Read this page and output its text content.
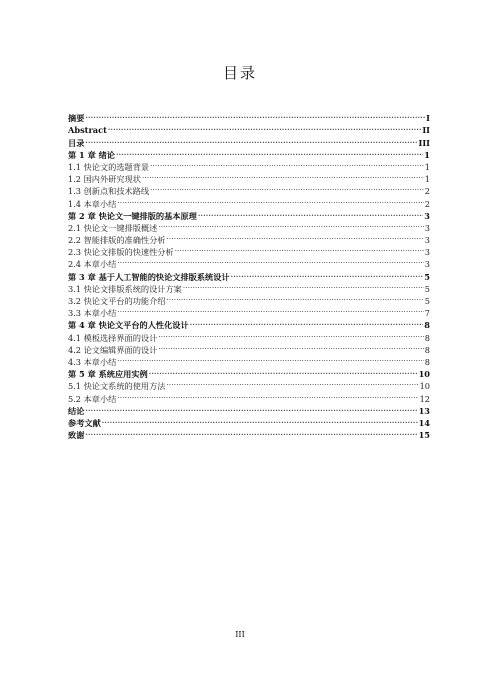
目录
摘要 .....	I
Abstract .....	II
目录 .....	III
第 1 章 绪论 .....	1
1.1 快论文的选题背景 .....	1
1.2 国内外研究现状 .....	1
1.3 创新点和技术路线 .....	2
1.4 本章小结 .....	2
第 2 章 快论文一键排版的基本原理 .....	3
2.1 快论文一键排版概述 .....	3
2.2 智能排版的准确性分析 .....	3
2.3 快论文排版的快速性分析 .....	3
2.4 本章小结 .....	3
第 3 章 基于人工智能的快论文排版系统设计 .....	5
3.1 快论文排版系统的设计方案 .....	5
3.2 快论文平台的功能介绍 .....	5
3.3 本章小结 .....	7
第 4 章 快论文平台的人性化设计 .....	8
4.1 模板选择界面的设计 .....	8
4.2 论文编辑界面的设计 .....	8
4.3 本章小结 .....	8
第 5 章 系统应用实例 .....	10
5.1 快论文系统的使用方法 .....	10
5.2 本章小结 .....	12
结论 .....	13
参考文献 .....	14
致谢 .....	15
III
